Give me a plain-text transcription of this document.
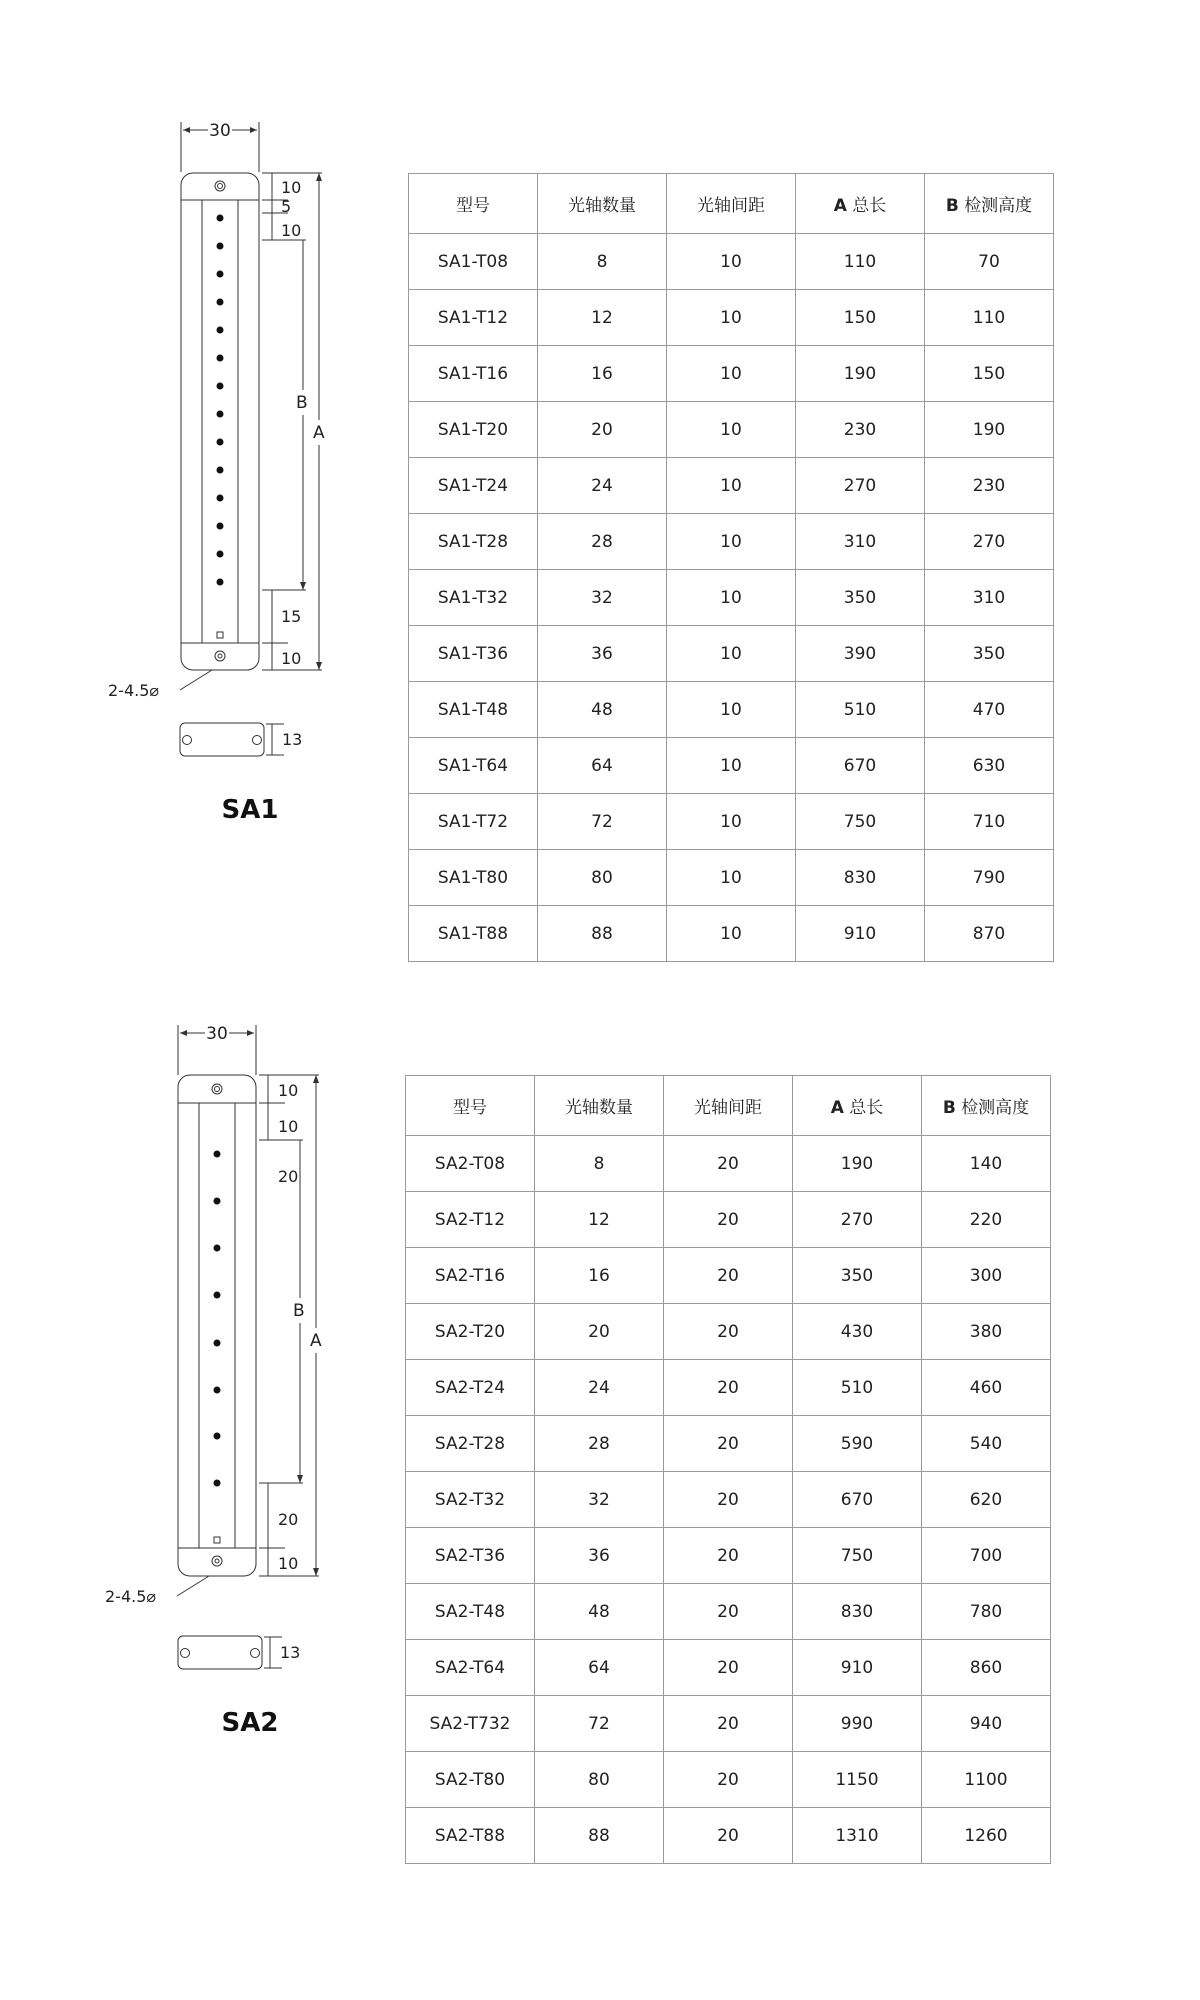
30
10
5
10
B
A
15
10
2-4.5⌀
13
SA1
型号	光轴数量	光轴间距	A 总长	B 检测高度
SA1-T08	8	10	110	70
SA1-T12	12	10	150	110
SA1-T16	16	10	190	150
SA1-T20	20	10	230	190
SA1-T24	24	10	270	230
SA1-T28	28	10	310	270
SA1-T32	32	10	350	310
SA1-T36	36	10	390	350
SA1-T48	48	10	510	470
SA1-T64	64	10	670	630
SA1-T72	72	10	750	710
SA1-T80	80	10	830	790
SA1-T88	88	10	910	870
30
10
10
20
B
A
20
10
2-4.5⌀
13
SA2
型号	光轴数量	光轴间距	A 总长	B 检测高度
SA2-T08	8	20	190	140
SA2-T12	12	20	270	220
SA2-T16	16	20	350	300
SA2-T20	20	20	430	380
SA2-T24	24	20	510	460
SA2-T28	28	20	590	540
SA2-T32	32	20	670	620
SA2-T36	36	20	750	700
SA2-T48	48	20	830	780
SA2-T64	64	20	910	860
SA2-T732	72	20	990	940
SA2-T80	80	20	1150	1100
SA2-T88	88	20	1310	1260
